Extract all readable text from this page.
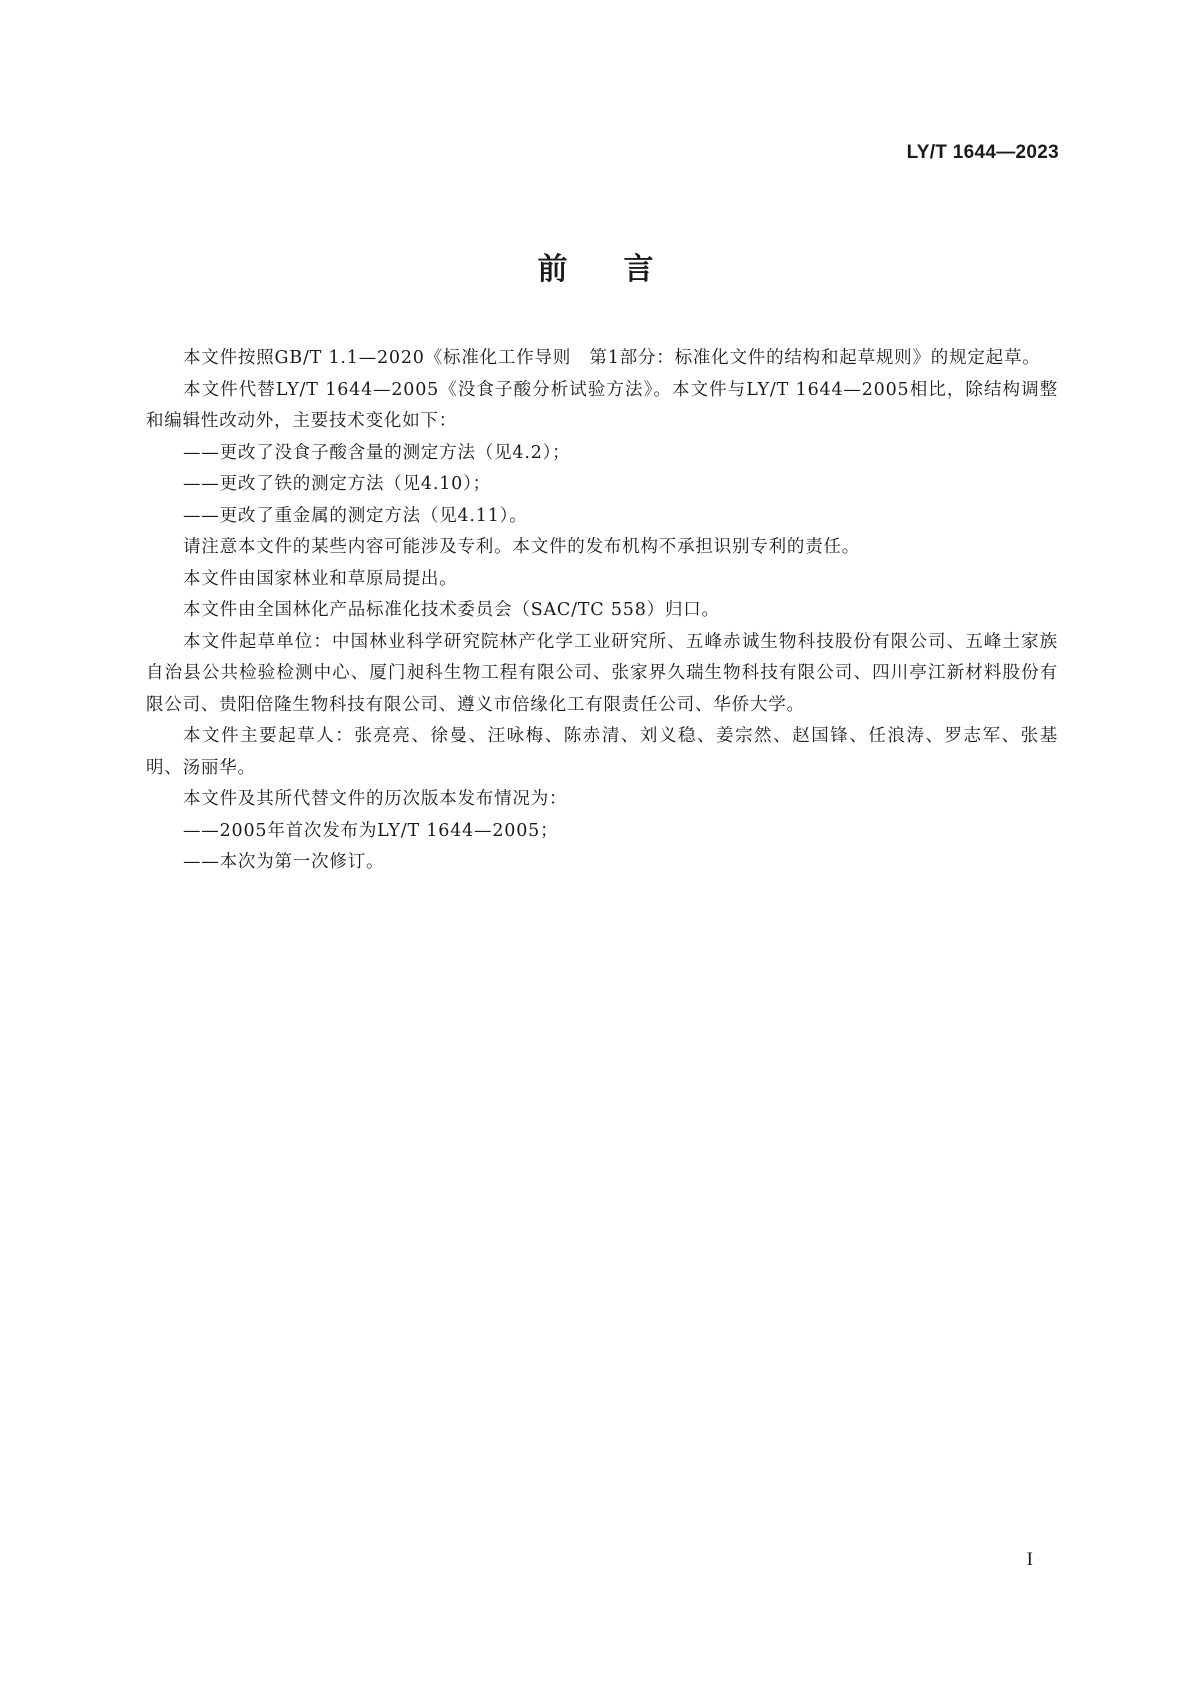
LY/T 1644—2023
前言

本文件按照GB/T 1.1—2020《标准化工作导则　第1部分：标准化文件的结构和起草规则》的规定起草。

本文件代替LY/T 1644—2005《没食子酸分析试验方法》。本文件与LY/T 1644—2005相比，除结构调整和编辑性改动外，主要技术变化如下：

——更改了没食子酸含量的测定方法（见4.2）；

——更改了铁的测定方法（见4.10）；

——更改了重金属的测定方法（见4.11）。

请注意本文件的某些内容可能涉及专利。本文件的发布机构不承担识别专利的责任。

本文件由国家林业和草原局提出。

本文件由全国林化产品标准化技术委员会（SAC/TC 558）归口。

本文件起草单位：中国林业科学研究院林产化学工业研究所、五峰赤诚生物科技股份有限公司、五峰土家族自治县公共检验检测中心、厦门昶科生物工程有限公司、张家界久瑞生物科技有限公司、四川亭江新材料股份有限公司、贵阳倍隆生物科技有限公司、遵义市倍缘化工有限责任公司、华侨大学。

本文件主要起草人：张亮亮、徐曼、汪咏梅、陈赤清、刘义稳、姜宗然、赵国锋、任浪涛、罗志军、张基明、汤丽华。

本文件及其所代替文件的历次版本发布情况为：

——2005年首次发布为LY/T 1644—2005；

——本次为第一次修订。

I
